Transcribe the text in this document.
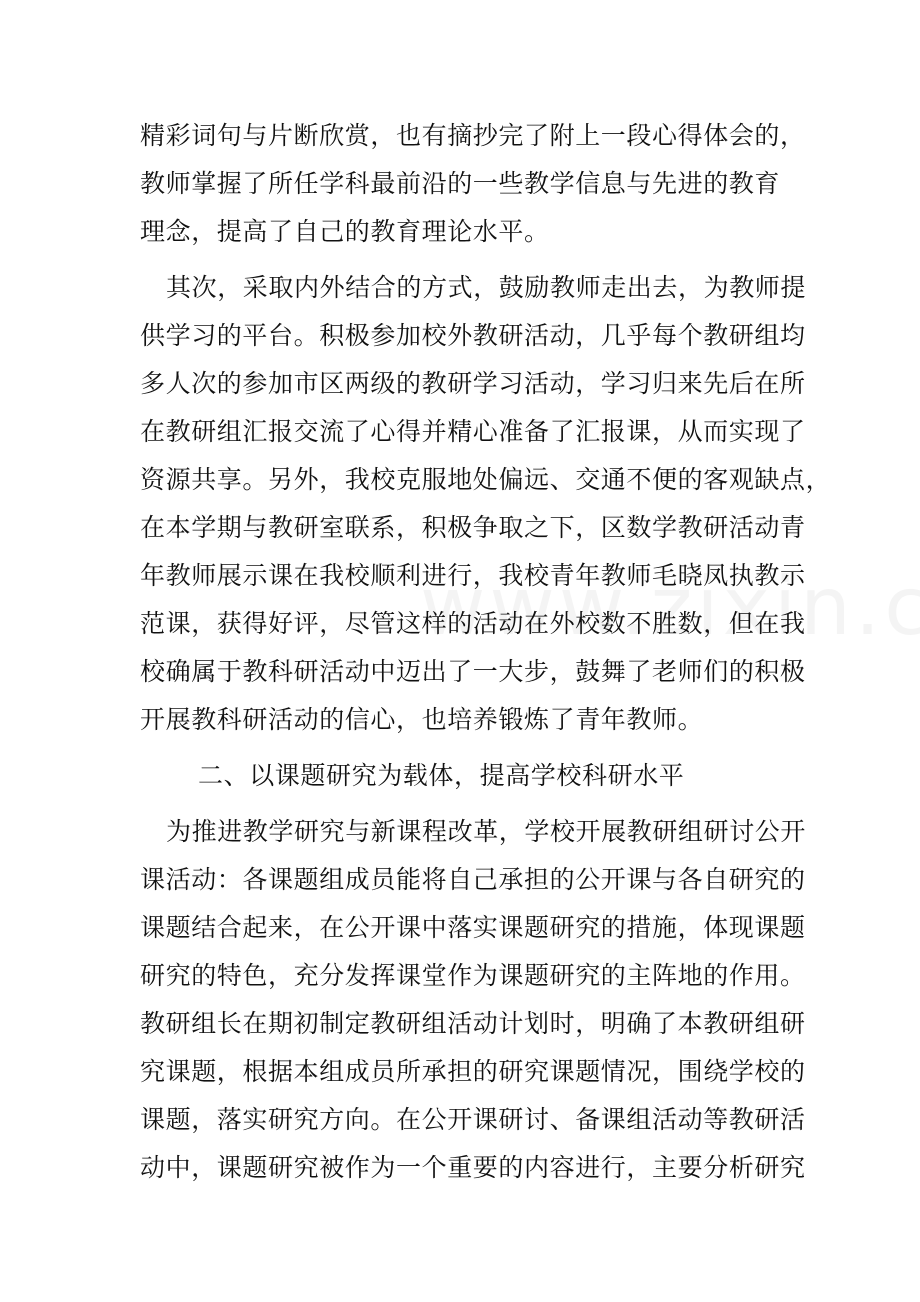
精彩词句与片断欣赏，也有摘抄完了附上一段心得体会的，
教师掌握了所任学科最前沿的一些教学信息与先进的教育
理念，提高了自己的教育理论水平。
其次，采取内外结合的方式，鼓励教师走出去，为教师提
供学习的平台。积极参加校外教研活动，几乎每个教研组均
多人次的参加市区两级的教研学习活动，学习归来先后在所
在教研组汇报交流了心得并精心准备了汇报课，从而实现了
资源共享。另外，我校克服地处偏远、交通不便的客观缺点，
在本学期与教研室联系，积极争取之下，区数学教研活动青
年教师展示课在我校顺利进行，我校青年教师毛晓凤执教示
范课，获得好评，尽管这样的活动在外校数不胜数，但在我
校确属于教科研活动中迈出了一大步，鼓舞了老师们的积极
开展教科研活动的信心，也培养锻炼了青年教师。
二、以课题研究为载体，提高学校科研水平
为推进教学研究与新课程改革，学校开展教研组研讨公开
课活动：各课题组成员能将自己承担的公开课与各自研究的
课题结合起来，在公开课中落实课题研究的措施，体现课题
研究的特色，充分发挥课堂作为课题研究的主阵地的作用。
教研组长在期初制定教研组活动计划时，明确了本教研组研
究课题，根据本组成员所承担的研究课题情况，围绕学校的
课题，落实研究方向。在公开课研讨、备课组活动等教研活
动中，课题研究被作为一个重要的内容进行，主要分析研究
